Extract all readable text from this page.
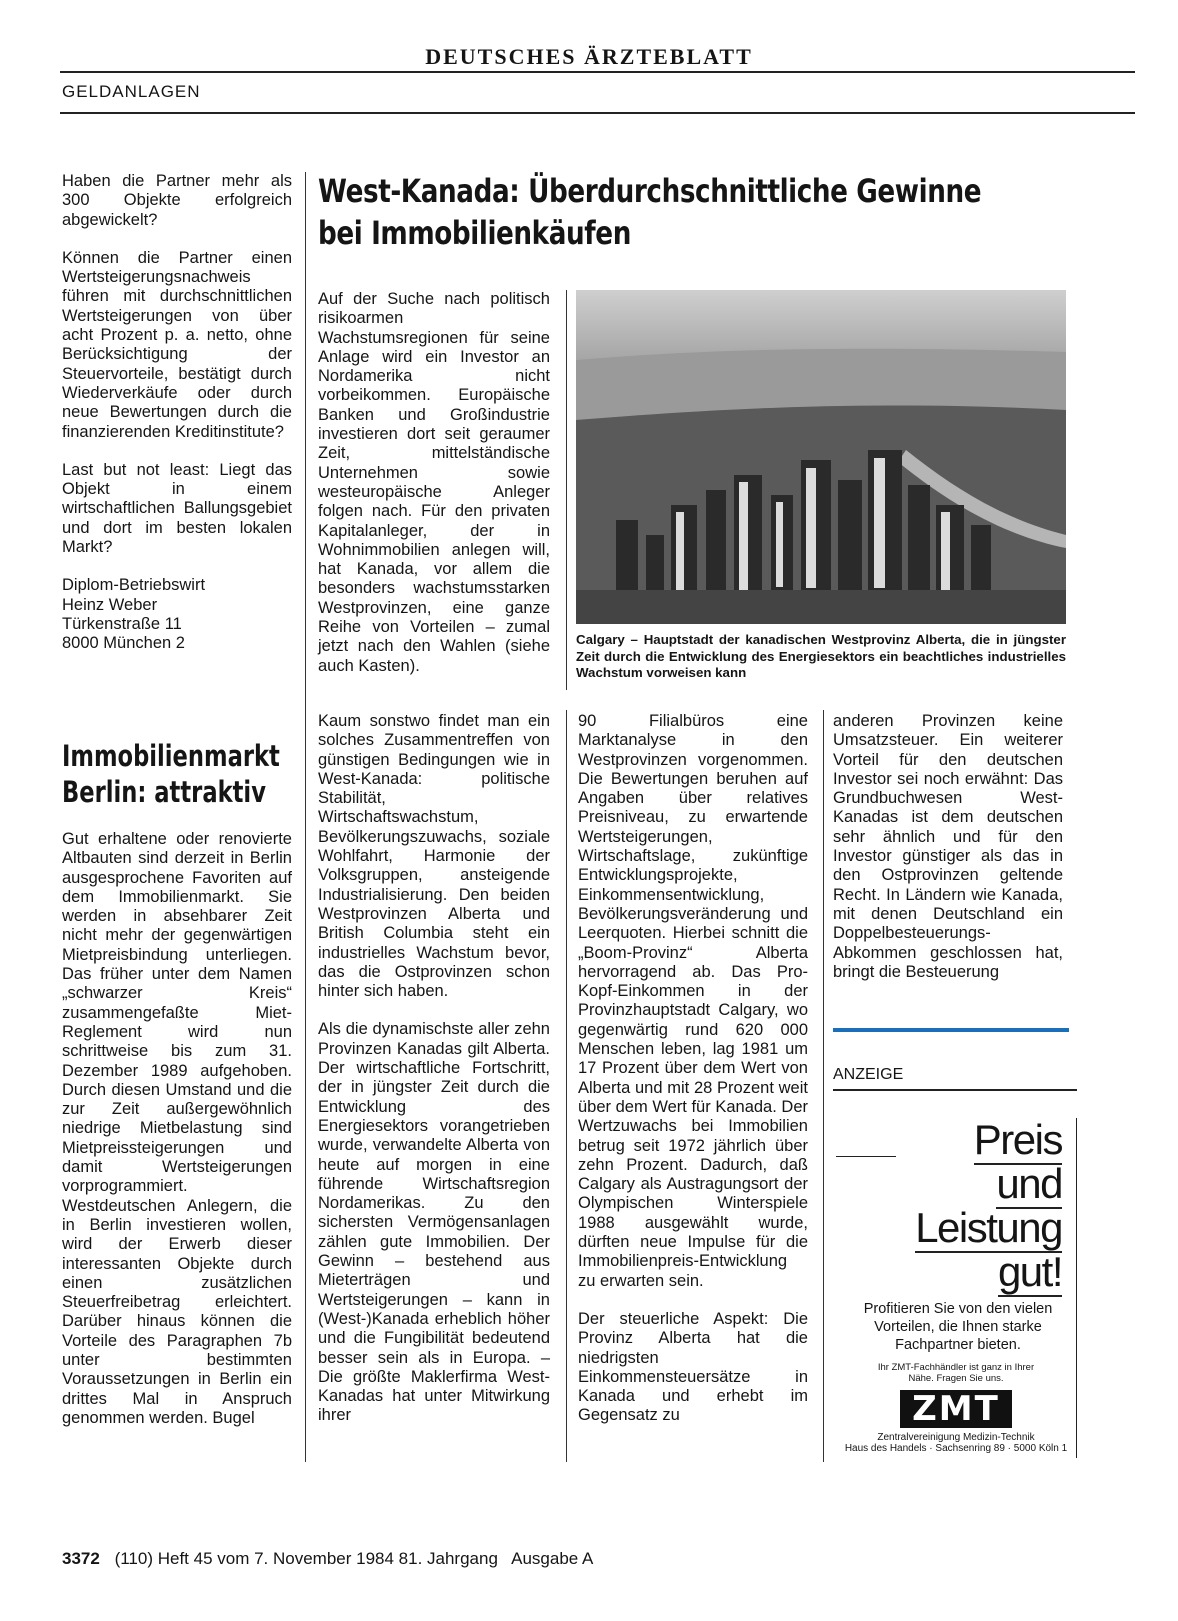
DEUTSCHES ÄRZTEBLATT
GELDANLAGEN

Haben die Partner mehr als 300 Objekte erfolgreich abgewickelt?

Können die Partner einen Wertsteigerungsnachweis führen mit durchschnittlichen Wertsteigerungen von über acht Prozent p. a. netto, ohne Berücksichtigung der Steuervorteile, bestätigt durch Wiederverkäufe oder durch neue Bewertungen durch die finanzierenden Kreditinstitute?

Last but not least: Liegt das Objekt in einem wirtschaftlichen Ballungsgebiet und dort im besten lokalen Markt?

Diplom-Betriebswirt
Heinz Weber
Türkenstraße 11
8000 München 2
Immobilienmarkt
Berlin: attraktiv
Gut erhaltene oder renovierte Altbauten sind derzeit in Berlin ausgesprochene Favoriten auf dem Immobilienmarkt. Sie werden in absehbarer Zeit nicht mehr der gegenwärtigen Mietpreisbindung unterliegen. Das früher unter dem Namen „schwarzer Kreis“ zusammengefaßte Miet-Reglement wird nun schrittweise bis zum 31. Dezember 1989 aufgehoben. Durch diesen Umstand und die zur Zeit außergewöhnlich niedrige Mietbelastung sind Mietpreissteigerungen und damit Wertsteigerungen vorprogrammiert. Westdeutschen Anlegern, die in Berlin investieren wollen, wird der Erwerb dieser interessanten Objekte durch einen zusätzlichen Steuerfreibetrag erleichtert. Darüber hinaus können die Vorteile des Paragraphen 7b unter bestimmten Voraussetzungen in Berlin ein drittes Mal in Anspruch genommen werden. Bugel
West-Kanada: Überdurchschnittliche Gewinne
bei Immobilienkäufen
Auf der Suche nach politisch risikoarmen Wachstumsregionen für seine Anlage wird ein Investor an Nordamerika nicht vorbeikommen. Europäische Banken und Großindustrie investieren dort seit geraumer Zeit, mittelständische Unternehmen sowie westeuropäische Anleger folgen nach. Für den privaten Kapitalanleger, der in Wohnimmobilien anlegen will, hat Kanada, vor allem die besonders wachstumsstarken Westprovinzen, eine ganze Reihe von Vorteilen – zumal jetzt nach den Wahlen (siehe auch Kasten).
Calgary – Hauptstadt der kanadischen Westprovinz Alberta, die in jüngster Zeit durch die Entwicklung des Energiesektors ein beachtliches industrielles Wachstum vorweisen kann

Kaum sonstwo findet man ein solches Zusammentreffen von günstigen Bedingungen wie in West-Kanada: politische Stabilität, Wirtschaftswachstum, Bevölkerungszuwachs, soziale Wohlfahrt, Harmonie der Volksgruppen, ansteigende Industrialisierung. Den beiden Westprovinzen Alberta und British Columbia steht ein industrielles Wachstum bevor, das die Ostprovinzen schon hinter sich haben.

Als die dynamischste aller zehn Provinzen Kanadas gilt Alberta. Der wirtschaftliche Fortschritt, der in jüngster Zeit durch die Entwicklung des Energiesektors vorangetrieben wurde, verwandelte Alberta von heute auf morgen in eine führende Wirtschaftsregion Nordamerikas. Zu den sichersten Vermögensanlagen zählen gute Immobilien. Der Gewinn – bestehend aus Mieterträgen und Wertsteigerungen – kann in (West-)Kanada erheblich höher und die Fungibilität bedeutend besser sein als in Europa. – Die größte Maklerfirma West-Kanadas hat unter Mitwirkung ihrer

90 Filialbüros eine Marktanalyse in den Westprovinzen vorgenommen. Die Bewertungen beruhen auf Angaben über relatives Preisniveau, zu erwartende Wertsteigerungen, Wirtschaftslage, zukünftige Entwicklungsprojekte, Einkommensentwicklung, Bevölkerungsveränderung und Leerquoten. Hierbei schnitt die „Boom-Provinz“ Alberta hervorragend ab. Das Pro-Kopf-Einkommen in der Provinzhauptstadt Calgary, wo gegenwärtig rund 620 000 Menschen leben, lag 1981 um 17 Prozent über dem Wert von Alberta und mit 28 Prozent weit über dem Wert für Kanada. Der Wertzuwachs bei Immobilien betrug seit 1972 jährlich über zehn Prozent. Dadurch, daß Calgary als Austragungsort der Olympischen Winterspiele 1988 ausgewählt wurde, dürften neue Impulse für die Immobilienpreis-Entwicklung zu erwarten sein.

Der steuerliche Aspekt: Die Provinz Alberta hat die niedrigsten Einkommensteuersätze in Kanada und erhebt im Gegensatz zu

anderen Provinzen keine Umsatzsteuer. Ein weiterer Vorteil für den deutschen Investor sei noch erwähnt: Das Grundbuchwesen West-Kanadas ist dem deutschen sehr ähnlich und für den Investor günstiger als das in den Ostprovinzen geltende Recht. In Ländern wie Kanada, mit denen Deutschland ein Doppelbesteuerungs-Abkommen geschlossen hat, bringt die Besteuerung

ANZEIGE
Preis
und
Leistung
gut!
Profitieren Sie von den vielen Vorteilen, die Ihnen starke Fachpartner bieten.
Ihr ZMT-Fachhändler ist ganz in Ihrer Nähe. Fragen Sie uns.
ZMT
Zentralvereinigung Medizin-Technik
Haus des Handels · Sachsenring 89 · 5000 Köln 1
3372 (110) Heft 45 vom 7. November 1984 81. Jahrgang   Ausgabe A
